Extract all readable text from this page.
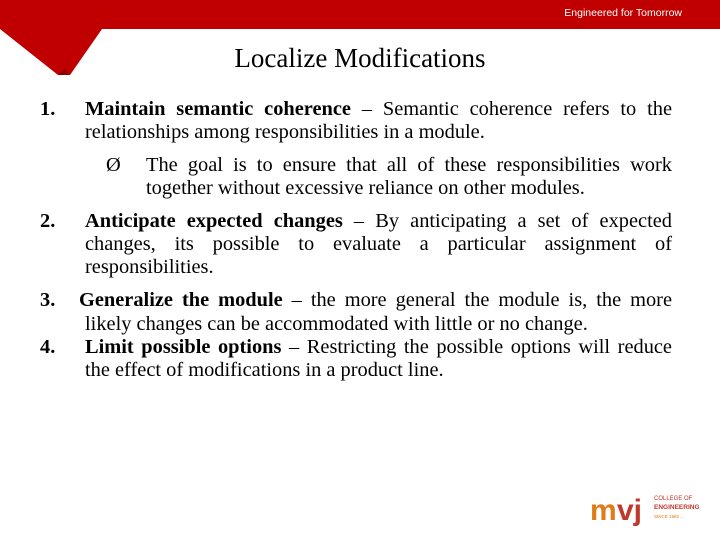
Engineered for Tomorrow
Localize Modifications
1. Maintain semantic coherence – Semantic coherence refers to the relationships among responsibilities in a module.
Ø The goal is to ensure that all of these responsibilities work together without excessive reliance on other modules.
2. Anticipate expected changes – By anticipating a set of expected changes, its possible to evaluate a particular assignment of responsibilities.
3. Generalize the module – the more general the module is, the more likely changes can be accommodated with little or no change.
4. Limit possible options – Restricting the possible options will reduce the effect of modifications in a product line.
m vj COLLEGE OF
ENGINEERING
SINCE 1982 ...
